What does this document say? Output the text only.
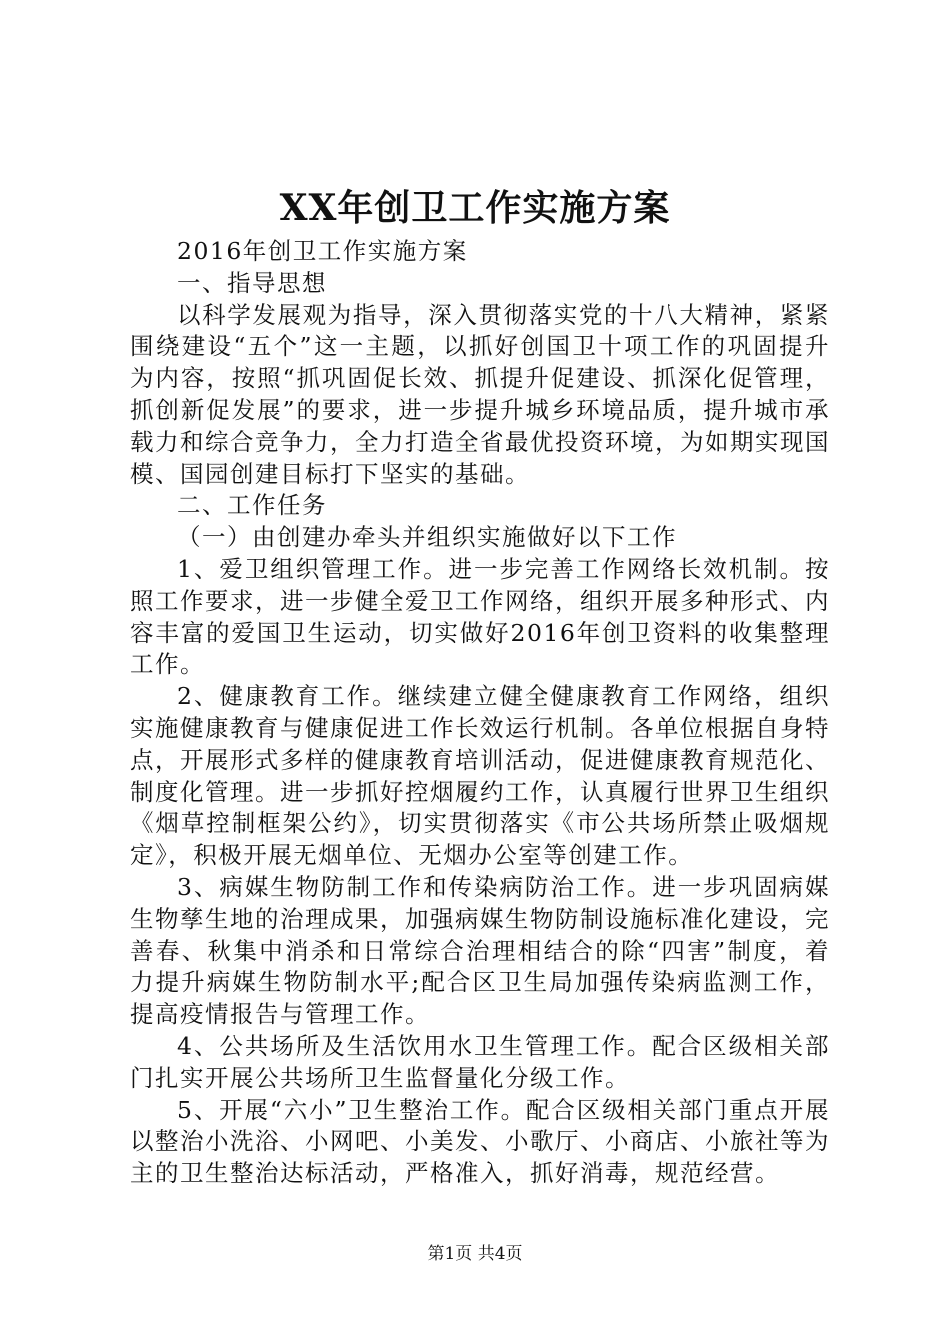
XX年创卫工作实施方案

2016年创卫工作实施方案

一、指导思想

以科学发展观为指导，深入贯彻落实党的十八大精神，紧紧围绕建设“五个”这一主题，以抓好创国卫十项工作的巩固提升为内容，按照“抓巩固促长效、抓提升促建设、抓深化促管理，抓创新促发展”的要求，进一步提升城乡环境品质，提升城市承载力和综合竞争力，全力打造全省最优投资环境，为如期实现国模、国园创建目标打下坚实的基础。

二、工作任务

（一）由创建办牵头并组织实施做好以下工作

1、爱卫组织管理工作。进一步完善工作网络长效机制。按照工作要求，进一步健全爱卫工作网络，组织开展多种形式、内容丰富的爱国卫生运动，切实做好2016年创卫资料的收集整理工作。

2、健康教育工作。继续建立健全健康教育工作网络，组织实施健康教育与健康促进工作长效运行机制。各单位根据自身特点，开展形式多样的健康教育培训活动，促进健康教育规范化、制度化管理。进一步抓好控烟履约工作，认真履行世界卫生组织《烟草控制框架公约》，切实贯彻落实《市公共场所禁止吸烟规定》，积极开展无烟单位、无烟办公室等创建工作。

3、病媒生物防制工作和传染病防治工作。进一步巩固病媒生物孳生地的治理成果，加强病媒生物防制设施标准化建设，完善春、秋集中消杀和日常综合治理相结合的除“四害”制度，着力提升病媒生物防制水平;配合区卫生局加强传染病监测工作，提高疫情报告与管理工作。

4、公共场所及生活饮用水卫生管理工作。配合区级相关部门扎实开展公共场所卫生监督量化分级工作。

5、开展“六小”卫生整治工作。配合区级相关部门重点开展以整治小洗浴、小网吧、小美发、小歌厅、小商店、小旅社等为主的卫生整治达标活动，严格准入，抓好消毒，规范经营。

第1页 共4页
